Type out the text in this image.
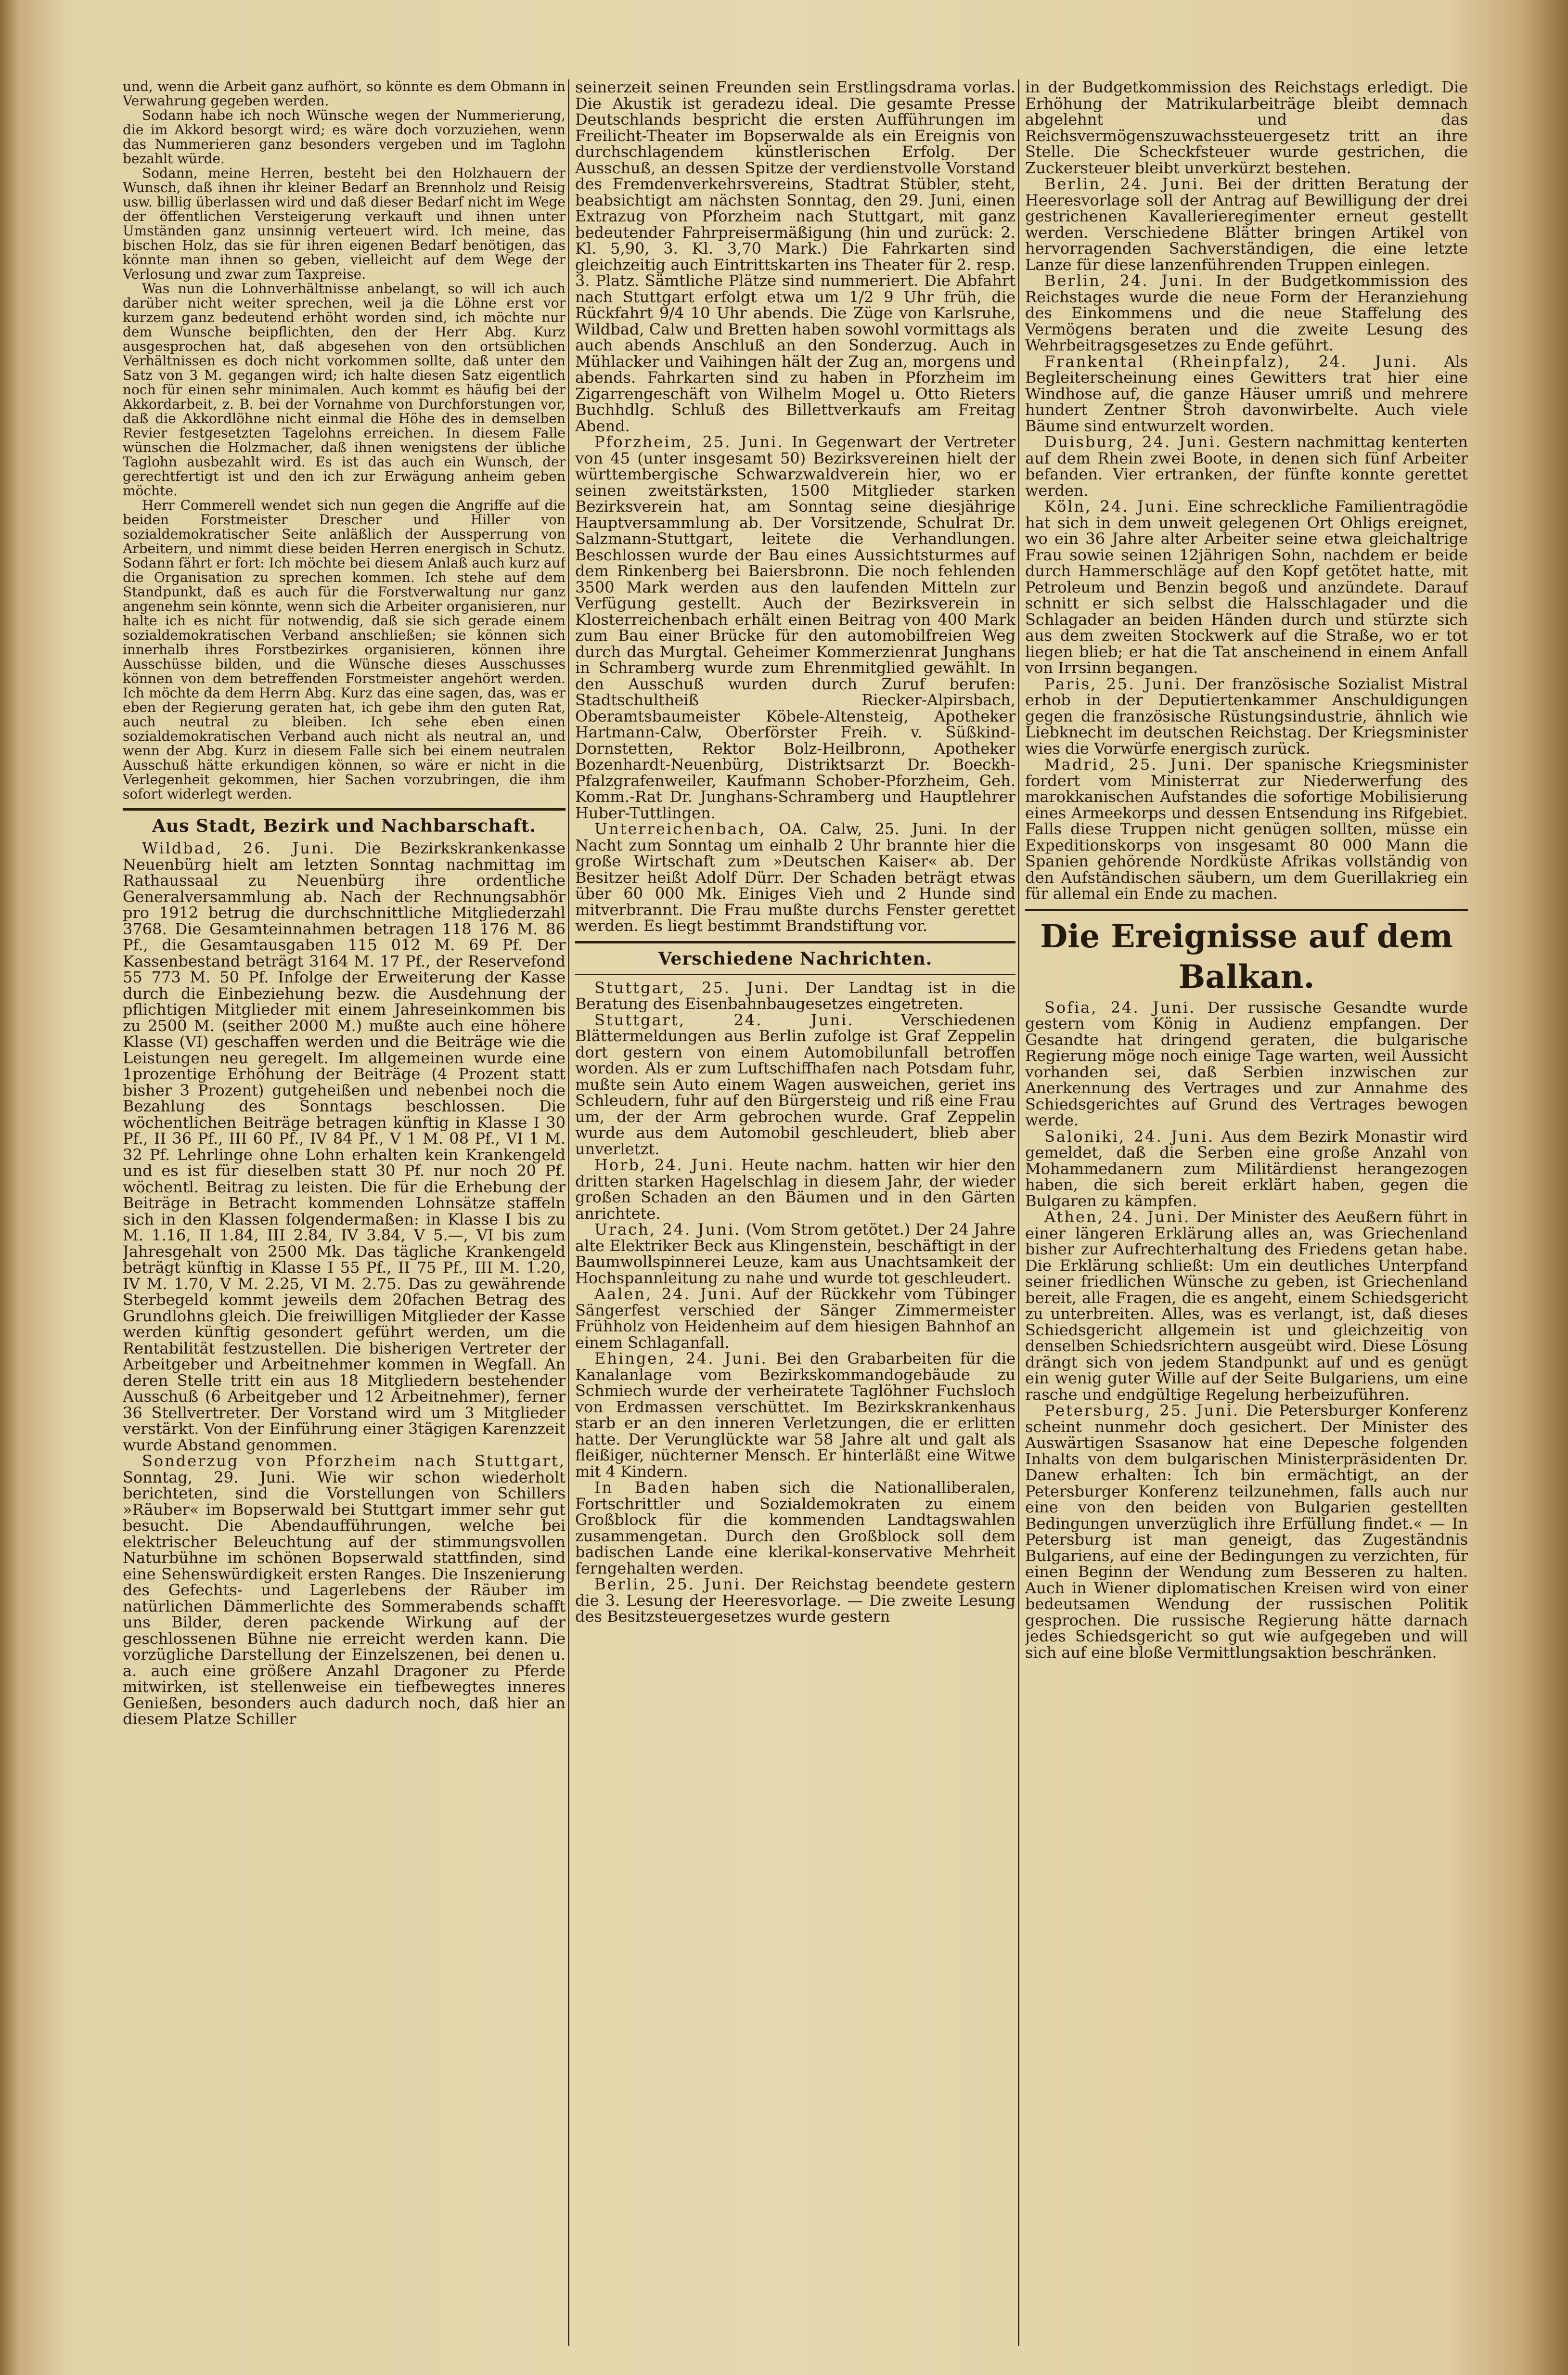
und, wenn die Arbeit ganz aufhört, so könnte es dem Obmann in Verwahrung gegeben werden.

Sodann habe ich noch Wünsche wegen der Nummerierung, die im Akkord besorgt wird; es wäre doch vorzuziehen, wenn das Nummerieren ganz besonders vergeben und im Taglohn bezahlt würde.

Sodann, meine Herren, besteht bei den Holzhauern der Wunsch, daß ihnen ihr kleiner Bedarf an Brennholz und Reisig usw. billig überlassen wird und daß dieser Bedarf nicht im Wege der öffentlichen Versteigerung verkauft und ihnen unter Umständen ganz unsinnig verteuert wird. Ich meine, das bischen Holz, das sie für ihren eigenen Bedarf benötigen, das könnte man ihnen so geben, vielleicht auf dem Wege der Verlosung und zwar zum Taxpreise.

Was nun die Lohnverhältnisse anbelangt, so will ich auch darüber nicht weiter sprechen, weil ja die Löhne erst vor kurzem ganz bedeutend erhöht worden sind, ich möchte nur dem Wunsche beipflichten, den der Herr Abg. Kurz ausgesprochen hat, daß abgesehen von den ortsüblichen Verhältnissen es doch nicht vorkommen sollte, daß unter den Satz von 3 M. gegangen wird; ich halte diesen Satz eigentlich noch für einen sehr minimalen. Auch kommt es häufig bei der Akkordarbeit, z. B. bei der Vornahme von Durchforstungen vor, daß die Akkordlöhne nicht einmal die Höhe des in demselben Revier festgesetzten Tagelohns erreichen. In diesem Falle wünschen die Holzmacher, daß ihnen wenigstens der übliche Taglohn ausbezahlt wird. Es ist das auch ein Wunsch, der gerechtfertigt ist und den ich zur Erwägung anheim geben möchte.

Herr Commerell wendet sich nun gegen die Angriffe auf die beiden Forstmeister Drescher und Hiller von sozialdemokratischer Seite anläßlich der Aussperrung von Arbeitern, und nimmt diese beiden Herren energisch in Schutz. Sodann fährt er fort: Ich möchte bei diesem Anlaß auch kurz auf die Organisation zu sprechen kommen. Ich stehe auf dem Standpunkt, daß es auch für die Forstverwaltung nur ganz angenehm sein könnte, wenn sich die Arbeiter organisieren, nur halte ich es nicht für notwendig, daß sie sich gerade einem sozialdemokratischen Verband anschließen; sie können sich innerhalb ihres Forstbezirkes organisieren, können ihre Ausschüsse bilden, und die Wünsche dieses Ausschusses können von dem betreffenden Forstmeister angehört werden. Ich möchte da dem Herrn Abg. Kurz das eine sagen, das, was er eben der Regierung geraten hat, ich gebe ihm den guten Rat, auch neutral zu bleiben. Ich sehe eben einen sozialdemokratischen Verband auch nicht als neutral an, und wenn der Abg. Kurz in diesem Falle sich bei einem neutralen Ausschuß hätte erkundigen können, so wäre er nicht in die Verlegenheit gekommen, hier Sachen vorzubringen, die ihm sofort widerlegt werden.

Aus Stadt, Bezirk und Nachbarschaft.

Wildbad, 26. Juni. Die Bezirkskrankenkasse Neuenbürg hielt am letzten Sonntag nachmittag im Rathaussaal zu Neuenbürg ihre ordentliche Generalversammlung ab. Nach der Rechnungsabhör pro 1912 betrug die durchschnittliche Mitgliederzahl 3768. Die Gesamteinnahmen betragen 118 176 M. 86 Pf., die Gesamtausgaben 115 012 M. 69 Pf. Der Kassenbestand beträgt 3164 M. 17 Pf., der Reservefond 55 773 M. 50 Pf. Infolge der Erweiterung der Kasse durch die Einbeziehung bezw. die Ausdehnung der pflichtigen Mitglieder mit einem Jahreseinkommen bis zu 2500 M. (seither 2000 M.) mußte auch eine höhere Klasse (VI) geschaffen werden und die Beiträge wie die Leistungen neu geregelt. Im allgemeinen wurde eine 1prozentige Erhöhung der Beiträge (4 Prozent statt bisher 3 Prozent) gutgeheißen und nebenbei noch die Bezahlung des Sonntags beschlossen. Die wöchentlichen Beiträge betragen künftig in Klasse I 30 Pf., II 36 Pf., III 60 Pf., IV 84 Pf., V 1 M. 08 Pf., VI 1 M. 32 Pf. Lehrlinge ohne Lohn erhalten kein Krankengeld und es ist für dieselben statt 30 Pf. nur noch 20 Pf. wöchentl. Beitrag zu leisten. Die für die Erhebung der Beiträge in Betracht kommenden Lohnsätze staffeln sich in den Klassen folgendermaßen: in Klasse I bis zu M. 1.16, II 1.84, III 2.84, IV 3.84, V 5.—, VI bis zum Jahresgehalt von 2500 Mk. Das tägliche Krankengeld beträgt künftig in Klasse I 55 Pf., II 75 Pf., III M. 1.20, IV M. 1.70, V M. 2.25, VI M. 2.75. Das zu gewährende Sterbegeld kommt jeweils dem 20fachen Betrag des Grundlohns gleich. Die freiwilligen Mitglieder der Kasse werden künftig gesondert geführt werden, um die Rentabilität festzustellen. Die bisherigen Vertreter der Arbeitgeber und Arbeitnehmer kommen in Wegfall. An deren Stelle tritt ein aus 18 Mitgliedern bestehender Ausschuß (6 Arbeitgeber und 12 Arbeitnehmer), ferner 36 Stellvertreter. Der Vorstand wird um 3 Mitglieder verstärkt. Von der Einführung einer 3tägigen Karenzzeit wurde Abstand genommen.

Sonderzug von Pforzheim nach Stuttgart, Sonntag, 29. Juni. Wie wir schon wiederholt berichteten, sind die Vorstellungen von Schillers »Räuber« im Bopserwald bei Stuttgart immer sehr gut besucht. Die Abendaufführungen, welche bei elektrischer Beleuchtung auf der stimmungsvollen Naturbühne im schönen Bopserwald stattfinden, sind eine Sehenswürdigkeit ersten Ranges. Die Inszenierung des Gefechts- und Lagerlebens der Räuber im natürlichen Dämmerlichte des Sommerabends schafft uns Bilder, deren packende Wirkung auf der geschlossenen Bühne nie erreicht werden kann. Die vorzügliche Darstellung der Einzelszenen, bei denen u. a. auch eine größere Anzahl Dragoner zu Pferde mitwirken, ist stellenweise ein tiefbewegtes inneres Genießen, besonders auch dadurch noch, daß hier an diesem Platze Schiller

seinerzeit seinen Freunden sein Erstlingsdrama vorlas. Die Akustik ist geradezu ideal. Die gesamte Presse Deutschlands bespricht die ersten Aufführungen im Freilicht-Theater im Bopserwalde als ein Ereignis von durchschlagendem künstlerischen Erfolg. Der Ausschuß, an dessen Spitze der verdienstvolle Vorstand des Fremdenverkehrsvereins, Stadtrat Stübler, steht, beabsichtigt am nächsten Sonntag, den 29. Juni, einen Extrazug von Pforzheim nach Stuttgart, mit ganz bedeutender Fahrpreisermäßigung (hin und zurück: 2. Kl. 5,90, 3. Kl. 3,70 Mark.) Die Fahrkarten sind gleichzeitig auch Eintrittskarten ins Theater für 2. resp. 3. Platz. Sämtliche Plätze sind nummeriert. Die Abfahrt nach Stuttgart erfolgt etwa um 1/2 9 Uhr früh, die Rückfahrt 9/4 10 Uhr abends. Die Züge von Karlsruhe, Wildbad, Calw und Bretten haben sowohl vormittags als auch abends Anschluß an den Sonderzug. Auch in Mühlacker und Vaihingen hält der Zug an, morgens und abends. Fahrkarten sind zu haben in Pforzheim im Zigarrengeschäft von Wilhelm Mogel u. Otto Rieters Buchhdlg. Schluß des Billettverkaufs am Freitag Abend.

Pforzheim, 25. Juni. In Gegenwart der Vertreter von 45 (unter insgesamt 50) Bezirksvereinen hielt der württembergische Schwarzwaldverein hier, wo er seinen zweitstärksten, 1500 Mitglieder starken Bezirksverein hat, am Sonntag seine diesjährige Hauptversammlung ab. Der Vorsitzende, Schulrat Dr. Salzmann-Stuttgart, leitete die Verhandlungen. Beschlossen wurde der Bau eines Aussichtsturmes auf dem Rinkenberg bei Baiersbronn. Die noch fehlenden 3500 Mark werden aus den laufenden Mitteln zur Verfügung gestellt. Auch der Bezirksverein in Klosterreichenbach erhält einen Beitrag von 400 Mark zum Bau einer Brücke für den automobilfreien Weg durch das Murgtal. Geheimer Kommerzienrat Junghans in Schramberg wurde zum Ehrenmitglied gewählt. In den Ausschuß wurden durch Zuruf berufen: Stadtschultheiß Riecker-Alpirsbach, Oberamtsbaumeister Köbele-Altensteig, Apotheker Hartmann-Calw, Oberförster Freih. v. Süßkind-Dornstetten, Rektor Bolz-Heilbronn, Apotheker Bozenhardt-Neuenbürg, Distriktsarzt Dr. Boeckh-Pfalzgrafenweiler, Kaufmann Schober-Pforzheim, Geh. Komm.-Rat Dr. Junghans-Schramberg und Hauptlehrer Huber-Tuttlingen.

Unterreichenbach, OA. Calw, 25. Juni. In der Nacht zum Sonntag um einhalb 2 Uhr brannte hier die große Wirtschaft zum »Deutschen Kaiser« ab. Der Besitzer heißt Adolf Dürr. Der Schaden beträgt etwas über 60 000 Mk. Einiges Vieh und 2 Hunde sind mitverbrannt. Die Frau mußte durchs Fenster gerettet werden. Es liegt bestimmt Brandstiftung vor.

Verschiedene Nachrichten.

Stuttgart, 25. Juni. Der Landtag ist in die Beratung des Eisenbahnbaugesetzes eingetreten.

Stuttgart, 24. Juni. Verschiedenen Blättermeldungen aus Berlin zufolge ist Graf Zeppelin dort gestern von einem Automobilunfall betroffen worden. Als er zum Luftschiffhafen nach Potsdam fuhr, mußte sein Auto einem Wagen ausweichen, geriet ins Schleudern, fuhr auf den Bürgersteig und riß eine Frau um, der der Arm gebrochen wurde. Graf Zeppelin wurde aus dem Automobil geschleudert, blieb aber unverletzt.

Horb, 24. Juni. Heute nachm. hatten wir hier den dritten starken Hagelschlag in diesem Jahr, der wieder großen Schaden an den Bäumen und in den Gärten anrichtete.

Urach, 24. Juni. (Vom Strom getötet.) Der 24 Jahre alte Elektriker Beck aus Klingenstein, beschäftigt in der Baumwollspinnerei Leuze, kam aus Unachtsamkeit der Hochspannleitung zu nahe und wurde tot geschleudert.

Aalen, 24. Juni. Auf der Rückkehr vom Tübinger Sängerfest verschied der Sänger Zimmermeister Frühholz von Heidenheim auf dem hiesigen Bahnhof an einem Schlaganfall.

Ehingen, 24. Juni. Bei den Grabarbeiten für die Kanalanlage vom Bezirkskommandogebäude zu Schmiech wurde der verheiratete Taglöhner Fuchsloch von Erdmassen verschüttet. Im Bezirkskrankenhaus starb er an den inneren Verletzungen, die er erlitten hatte. Der Verunglückte war 58 Jahre alt und galt als fleißiger, nüchterner Mensch. Er hinterläßt eine Witwe mit 4 Kindern.

In Baden haben sich die Nationalliberalen, Fortschrittler und Sozialdemokraten zu einem Großblock für die kommenden Landtagswahlen zusammengetan. Durch den Großblock soll dem badischen Lande eine klerikal-konservative Mehrheit ferngehalten werden.

Berlin, 25. Juni. Der Reichstag beendete gestern die 3. Lesung der Heeresvorlage. — Die zweite Lesung des Besitzsteuergesetzes wurde gestern

in der Budgetkommission des Reichstags erledigt. Die Erhöhung der Matrikularbeiträge bleibt demnach abgelehnt und das Reichsvermögenszuwachssteuergesetz tritt an ihre Stelle. Die Scheckfsteuer wurde gestrichen, die Zuckersteuer bleibt unverkürzt bestehen.

Berlin, 24. Juni. Bei der dritten Beratung der Heeresvorlage soll der Antrag auf Bewilligung der drei gestrichenen Kavallerieregimenter erneut gestellt werden. Verschiedene Blätter bringen Artikel von hervorragenden Sachverständigen, die eine letzte Lanze für diese lanzenführenden Truppen einlegen.

Berlin, 24. Juni. In der Budgetkommission des Reichstages wurde die neue Form der Heranziehung des Einkommens und die neue Staffelung des Vermögens beraten und die zweite Lesung des Wehrbeitragsgesetzes zu Ende geführt.

Frankental (Rheinpfalz), 24. Juni. Als Begleiterscheinung eines Gewitters trat hier eine Windhose auf, die ganze Häuser umriß und mehrere hundert Zentner Stroh davonwirbelte. Auch viele Bäume sind entwurzelt worden.

Duisburg, 24. Juni. Gestern nachmittag kenterten auf dem Rhein zwei Boote, in denen sich fünf Arbeiter befanden. Vier ertranken, der fünfte konnte gerettet werden.

Köln, 24. Juni. Eine schreckliche Familientragödie hat sich in dem unweit gelegenen Ort Ohligs ereignet, wo ein 36 Jahre alter Arbeiter seine etwa gleichaltrige Frau sowie seinen 12jährigen Sohn, nachdem er beide durch Hammerschläge auf den Kopf getötet hatte, mit Petroleum und Benzin begoß und anzündete. Darauf schnitt er sich selbst die Halsschlagader und die Schlagader an beiden Händen durch und stürzte sich aus dem zweiten Stockwerk auf die Straße, wo er tot liegen blieb; er hat die Tat anscheinend in einem Anfall von Irrsinn begangen.

Paris, 25. Juni. Der französische Sozialist Mistral erhob in der Deputiertenkammer Anschuldigungen gegen die französische Rüstungsindustrie, ähnlich wie Liebknecht im deutschen Reichstag. Der Kriegsminister wies die Vorwürfe energisch zurück.

Madrid, 25. Juni. Der spanische Kriegsminister fordert vom Ministerrat zur Niederwerfung des marokkanischen Aufstandes die sofortige Mobilisierung eines Armeekorps und dessen Entsendung ins Rifgebiet. Falls diese Truppen nicht genügen sollten, müsse ein Expeditionskorps von insgesamt 80 000 Mann die Spanien gehörende Nordküste Afrikas vollständig von den Aufständischen säubern, um dem Guerillakrieg ein für allemal ein Ende zu machen.

Die Ereignisse auf dem Balkan.

Sofia, 24. Juni. Der russische Gesandte wurde gestern vom König in Audienz empfangen. Der Gesandte hat dringend geraten, die bulgarische Regierung möge noch einige Tage warten, weil Aussicht vorhanden sei, daß Serbien inzwischen zur Anerkennung des Vertrages und zur Annahme des Schiedsgerichtes auf Grund des Vertrages bewogen werde.

Saloniki, 24. Juni. Aus dem Bezirk Monastir wird gemeldet, daß die Serben eine große Anzahl von Mohammedanern zum Militärdienst herangezogen haben, die sich bereit erklärt haben, gegen die Bulgaren zu kämpfen.

Athen, 24. Juni. Der Minister des Aeußern führt in einer längeren Erklärung alles an, was Griechenland bisher zur Aufrechterhaltung des Friedens getan habe. Die Erklärung schließt: Um ein deutliches Unterpfand seiner friedlichen Wünsche zu geben, ist Griechenland bereit, alle Fragen, die es angeht, einem Schiedsgericht zu unterbreiten. Alles, was es verlangt, ist, daß dieses Schiedsgericht allgemein ist und gleichzeitig von denselben Schiedsrichtern ausgeübt wird. Diese Lösung drängt sich von jedem Standpunkt auf und es genügt ein wenig guter Wille auf der Seite Bulgariens, um eine rasche und endgültige Regelung herbeizuführen.

Petersburg, 25. Juni. Die Petersburger Konferenz scheint nunmehr doch gesichert. Der Minister des Auswärtigen Ssasanow hat eine Depesche folgenden Inhalts von dem bulgarischen Ministerpräsidenten Dr. Danew erhalten: Ich bin ermächtigt, an der Petersburger Konferenz teilzunehmen, falls auch nur eine von den beiden von Bulgarien gestellten Bedingungen unverzüglich ihre Erfüllung findet.« — In Petersburg ist man geneigt, das Zugeständnis Bulgariens, auf eine der Bedingungen zu verzichten, für einen Beginn der Wendung zum Besseren zu halten. Auch in Wiener diplomatischen Kreisen wird von einer bedeutsamen Wendung der russischen Politik gesprochen. Die russische Regierung hätte darnach jedes Schiedsgericht so gut wie aufgegeben und will sich auf eine bloße Vermittlungsaktion beschränken.
